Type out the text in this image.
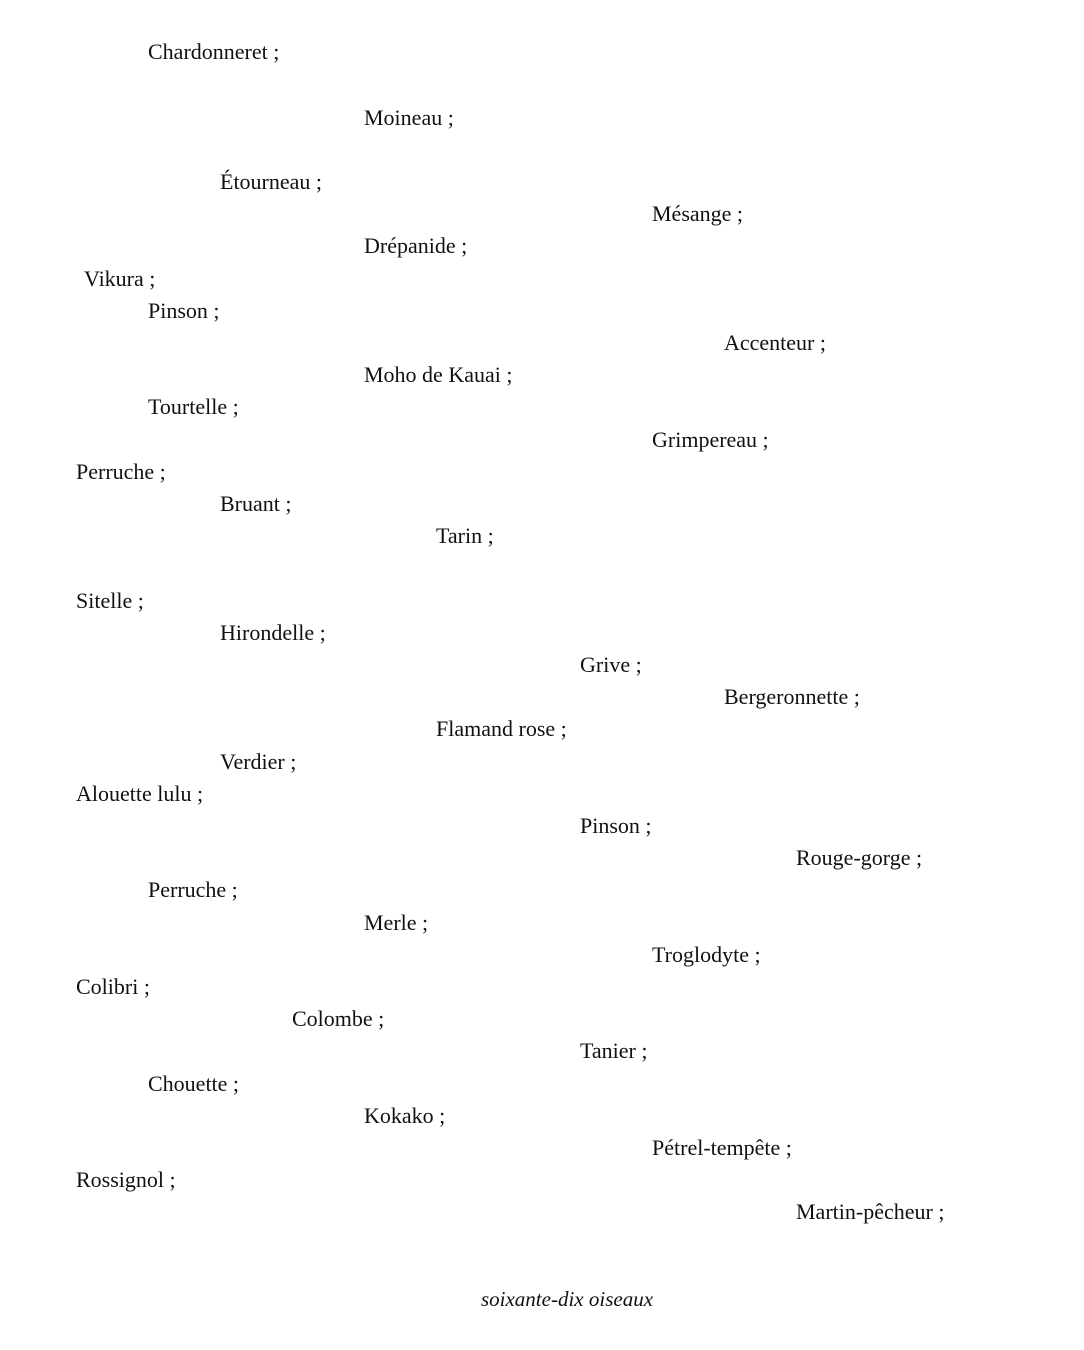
Chardonneret ;

Moineau ;

Étourneau ;

Mésange ;

Drépanide ;

Vikura ;

Pinson ;

Accenteur ;

Moho de Kauai ;

Tourtelle ;

Grimpereau ;

Perruche ;

Bruant ;

Tarin ;

Sitelle ;

Hirondelle ;

Grive ;

Bergeronnette ;

Flamand rose ;

Verdier ;

Alouette lulu ;

Pinson ;

Rouge-gorge ;

Perruche ;

Merle ;

Troglodyte ;

Colibri ;

Colombe ;

Tanier ;

Chouette ;

Kokako ;

Pétrel-tempête ;

Rossignol ;

Martin-pêcheur ;

soixante-dix oiseaux
